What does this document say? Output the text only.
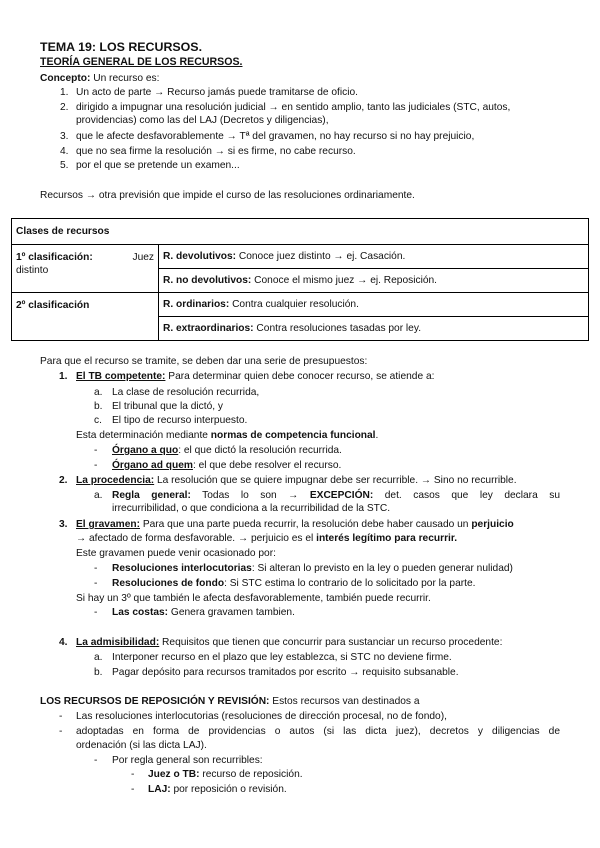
TEMA 19: LOS RECURSOS.
TEORÍA GENERAL DE LOS RECURSOS.
Concepto: Un recurso es:
1. Un acto de parte → Recurso jamás puede tramitarse de oficio.
2. dirigido a impugnar una resolución judicial → en sentido amplio, tanto las judiciales (STC, autos,
providencias) como las del LAJ (Decretos y diligencias),
3. que le afecte desfavorablemente → Tª del gravamen, no hay recurso si no hay prejuicio,
4. que no sea firme la resolución → si es firme, no cabe recurso.
5. por el que se pretende un examen...
Recursos → otra previsión que impide el curso de las resoluciones ordinariamente.
Clases de recursos	

1º clasificación: Juez
distinto	R. devolutivos: Conoce juez distinto → ej. Casación.
	R. no devolutivos: Conoce el mismo juez → ej. Reposición.
2º clasificación	R. ordinarios: Contra cualquier resolución.
	R. extraordinarios: Contra resoluciones tasadas por ley.
Para que el recurso se tramite, se deben dar una serie de presupuestos:
1. El TB competente: Para determinar quien debe conocer recurso, se atiende a:
a. La clase de resolución recurrida,
b. El tribunal que la dictó, y
c. El tipo de recurso interpuesto.
Esta determinación mediante normas de competencia funcional.
- Órgano a quo: el que dictó la resolución recurrida.
- Órgano ad quem: el que debe resolver el recurso.
2. La procedencia: La resolución que se quiere impugnar debe ser recurrible. → Sino no recurrible.
a. Regla general: Todas lo son → EXCEPCIÓN: det. casos que ley declara su
irrecurribilidad, o que condiciona a la recurribilidad de la STC.
3. El gravamen: Para que una parte pueda recurrir, la resolución debe haber causado un perjuicio
→ afectado de forma desfavorable. → perjuicio es el interés legítimo para recurrir.
Este gravamen puede venir ocasionado por:
- Resoluciones interlocutorias: Si alteran lo previsto en la ley o pueden generar nulidad)
- Resoluciones de fondo: Si STC estima lo contrario de lo solicitado por la parte.
Si hay un 3º que también le afecta desfavorablemente, también puede recurrir.
- Las costas: Genera gravamen tambien.
4. La admisibilidad: Requisitos que tienen que concurrir para sustanciar un recurso procedente:
a. Interponer recurso en el plazo que ley establezca, si STC no deviene firme.
b. Pagar depósito para recursos tramitados por escrito → requisito subsanable.
LOS RECURSOS DE REPOSICIÓN Y REVISIÓN: Estos recursos van destinados a
- Las resoluciones interlocutorias (resoluciones de dirección procesal, no de fondo),
- adoptadas en forma de providencias o autos (si las dicta juez), decretos y diligencias de
ordenación (si las dicta LAJ).
- Por regla general son recurribles:
- Juez o TB: recurso de reposición.
- LAJ: por reposición o revisión.
